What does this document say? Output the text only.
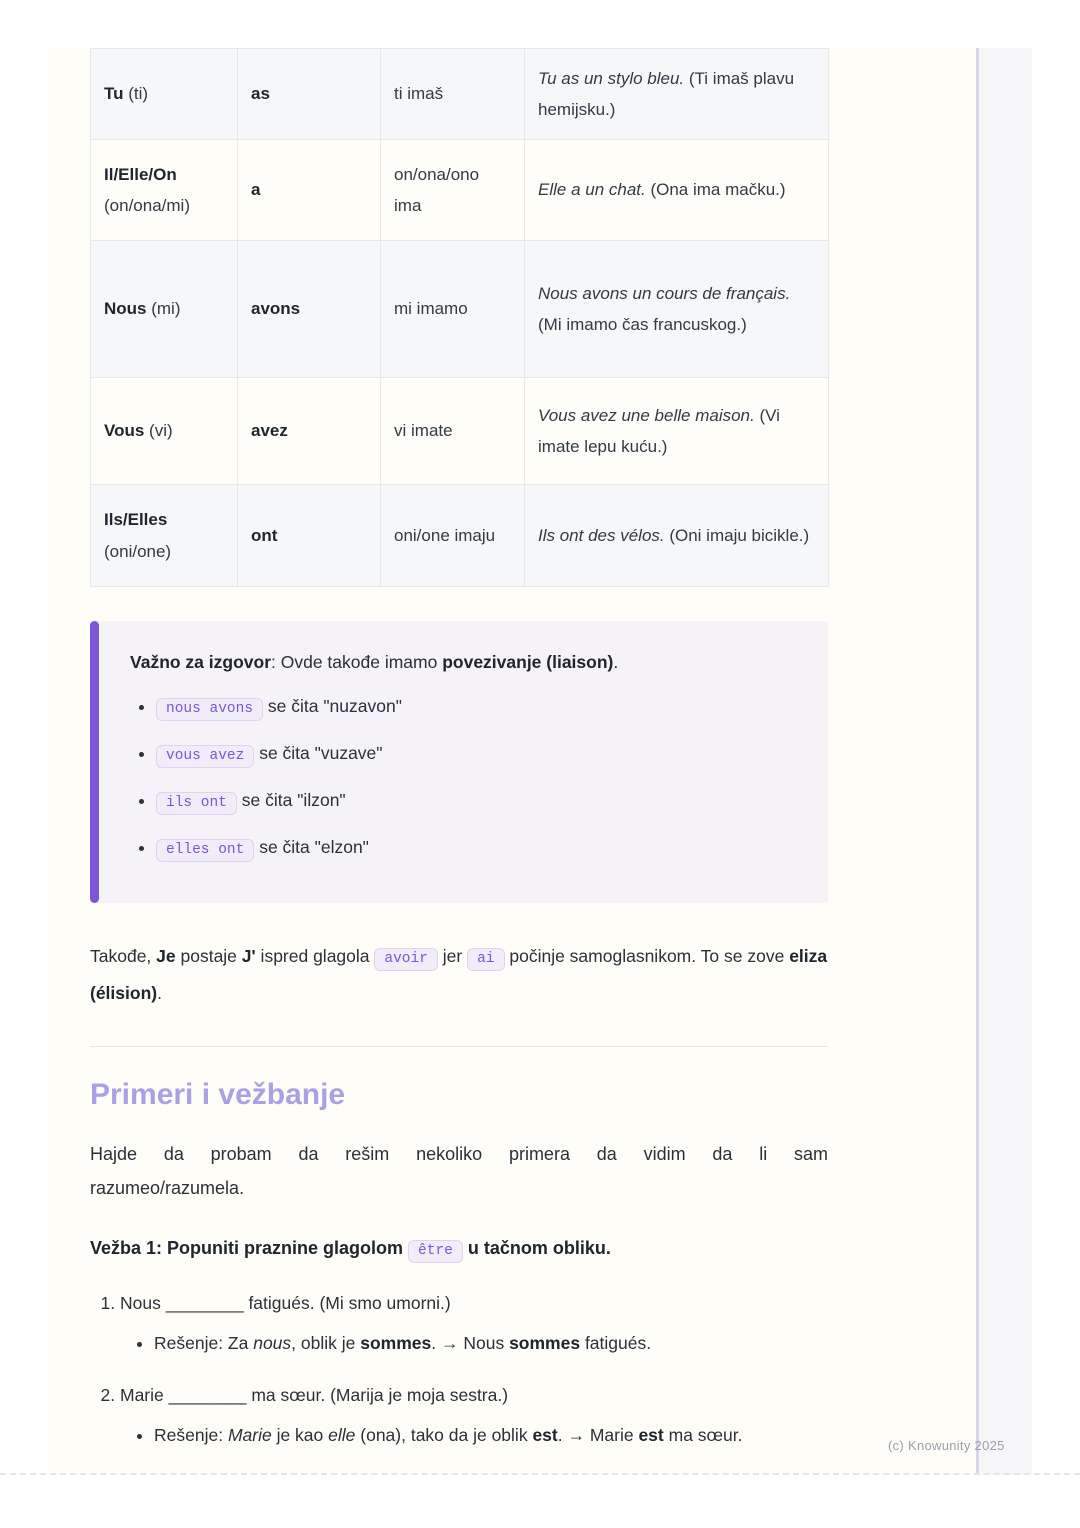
Tu (ti)	as	ti imaš	Tu as un stylo bleu. (Ti imaš plavu hemijsku.)
Il/Elle/On (on/ona/mi)	a	on/ona/ono ima	Elle a un chat. (Ona ima mačku.)
Nous (mi)	avons	mi imamo	Nous avons un cours de français. (Mi imamo čas francuskog.)
Vous (vi)	avez	vi imate	Vous avez une belle maison. (Vi imate lepu kuću.)
Ils/Elles (oni/one)	ont	oni/one imaju	Ils ont des vélos. (Oni imaju bicikle.)
Važno za izgovor: Ovde takođe imamo povezivanje (liaison).
• nous avons se čita "nuzavon"
• vous avez se čita "vuzave"
• ils ont se čita "ilzon"
• elles ont se čita "elzon"
Takođe, Je postaje J' ispred glagola avoir jer ai počinje samoglasnikom. To se zove eliza (élision).
Primeri i vežbanje
Hajde da probam da rešim nekoliko primera da vidim da li sam razumeo/razumela.
Vežba 1: Popuniti praznine glagolom être u tačnom obliku.
1. Nous ________ fatigués. (Mi smo umorni.)
• Rešenje: Za nous, oblik je sommes. → Nous sommes fatigués.
2. Marie ________ ma sœur. (Marija je moja sestra.)
• Rešenje: Marie je kao elle (ona), tako da je oblik est. → Marie est ma sœur.
(c) Knowunity 2025
